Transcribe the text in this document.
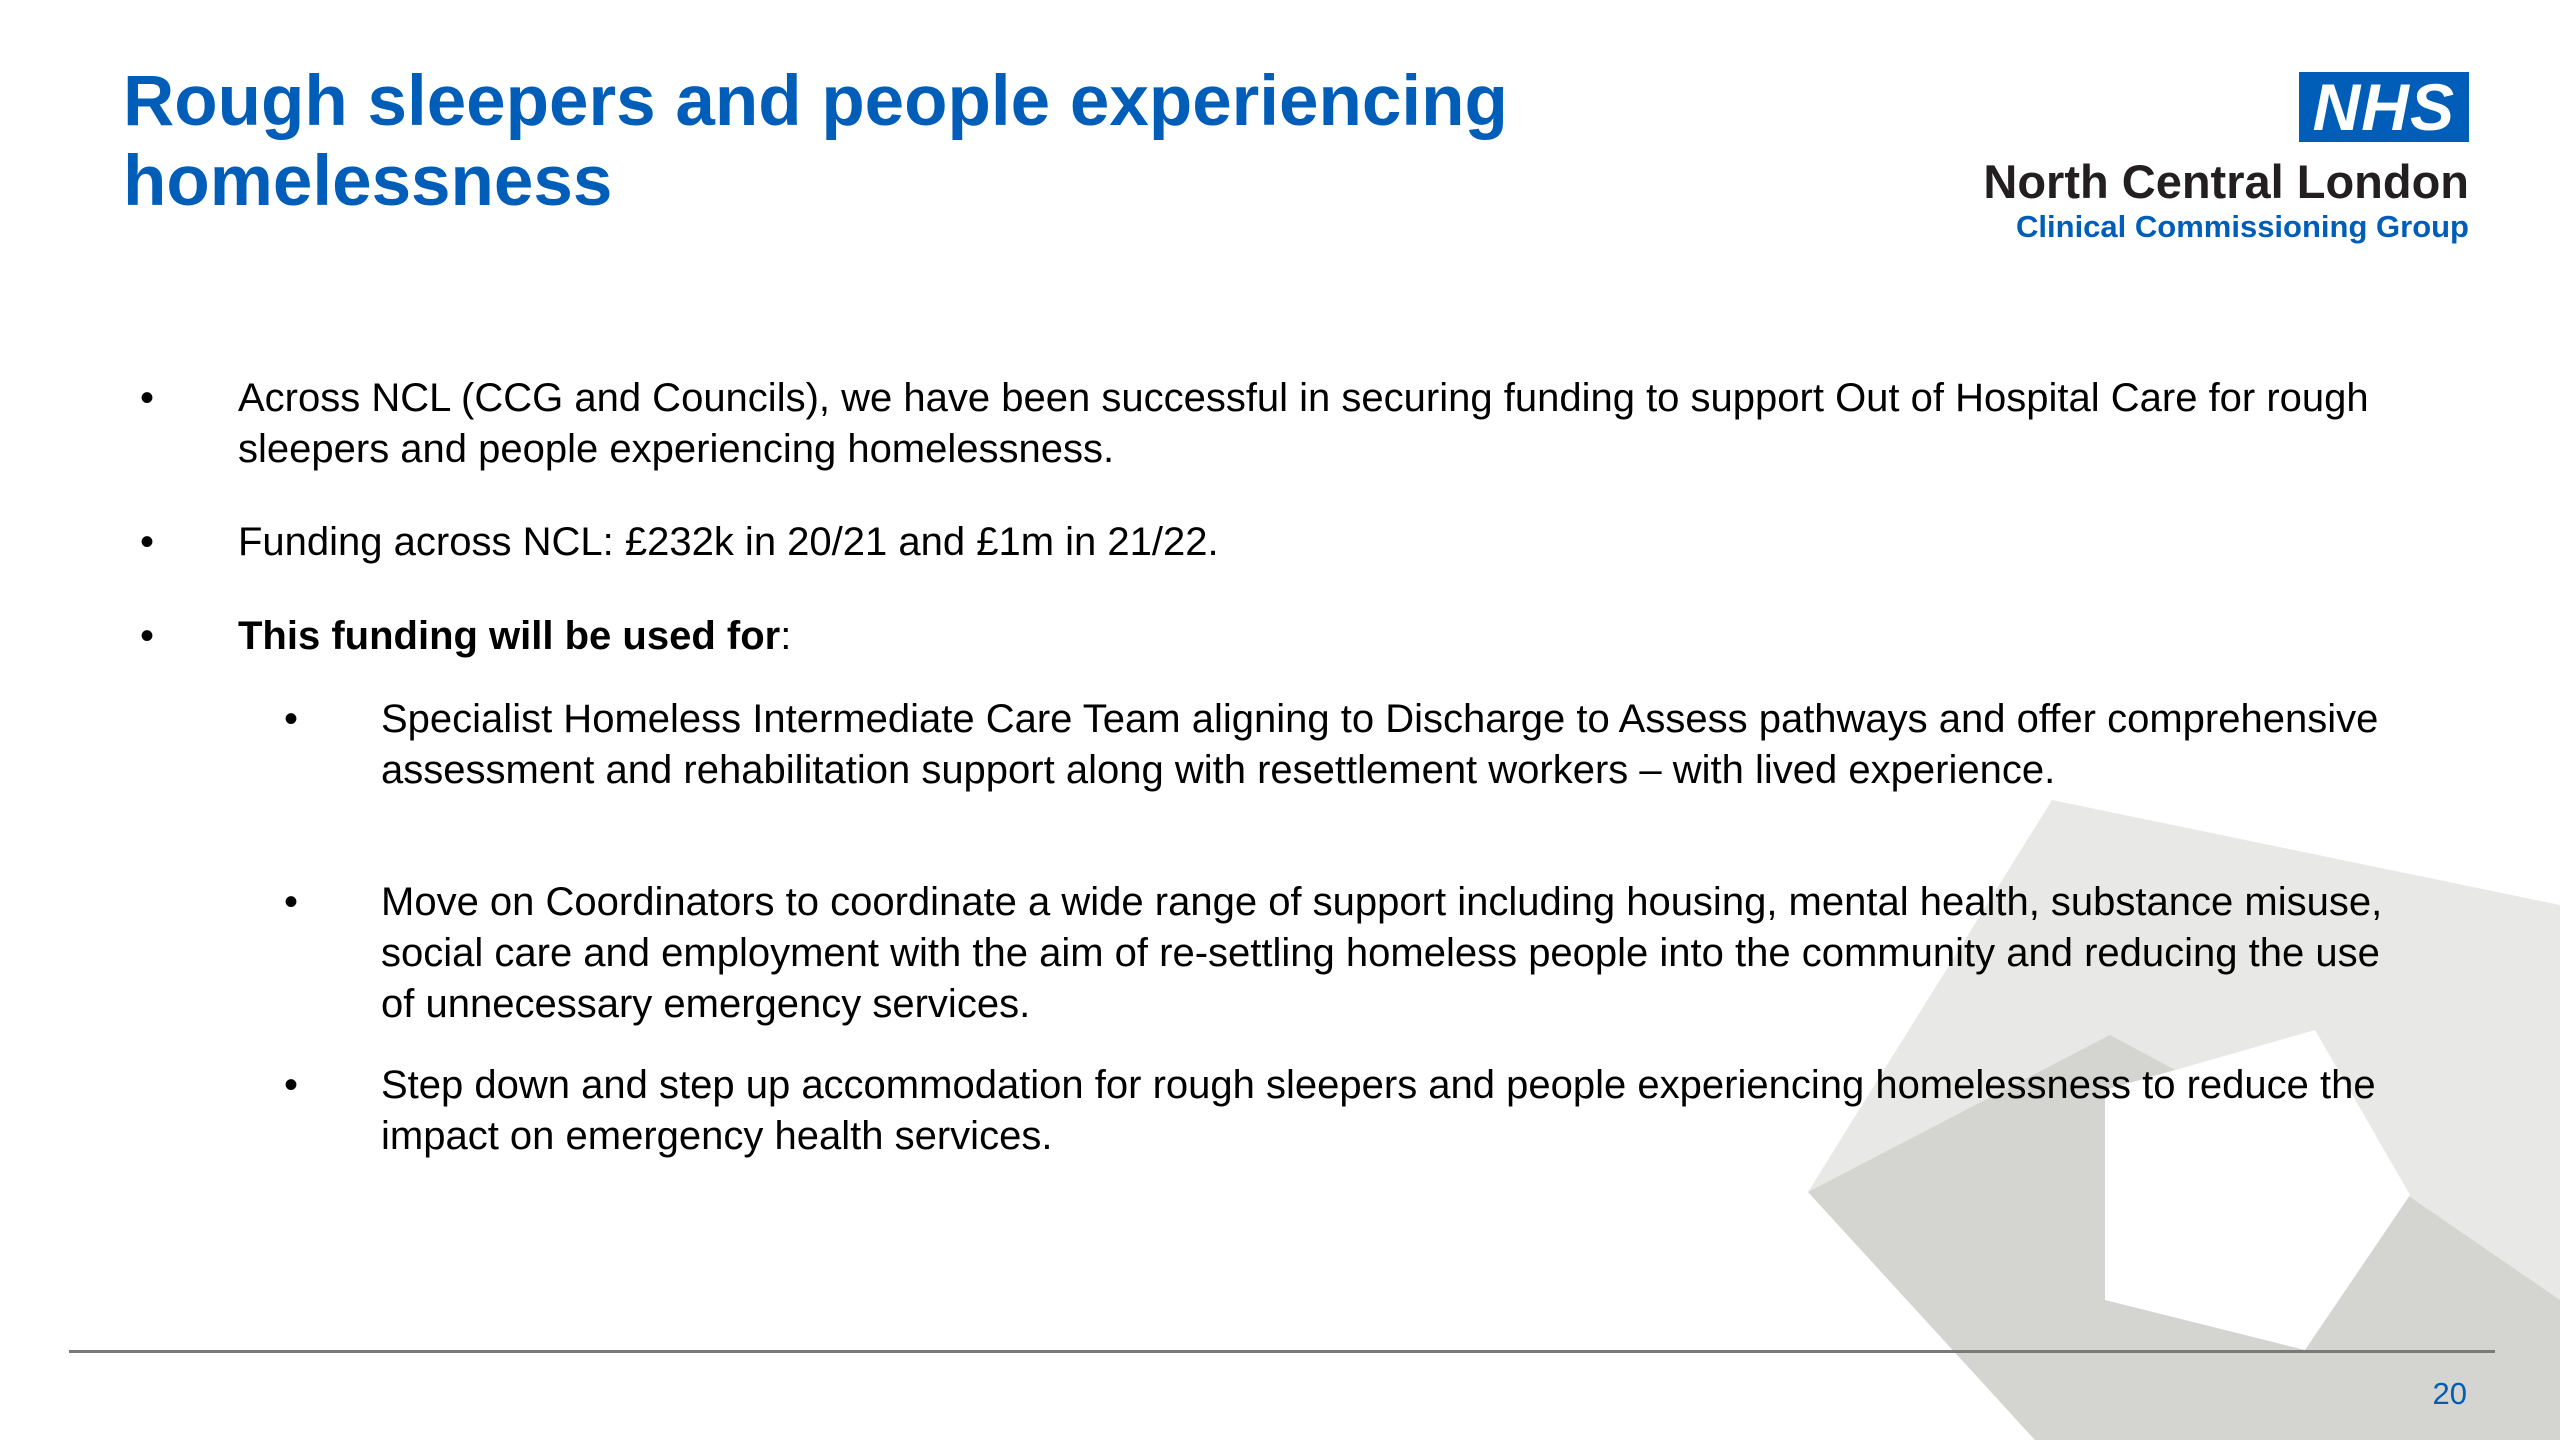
Rough sleepers and people experiencing homelessness
NHS
North Central London
Clinical Commissioning Group
• Across NCL (CCG and Councils), we have been successful in securing funding to support Out of Hospital Care for rough sleepers and people experiencing homelessness.
• Funding across NCL: £232k in 20/21 and £1m in 21/22.
• This funding will be used for:
• Specialist Homeless Intermediate Care Team aligning to Discharge to Assess pathways and offer comprehensive assessment and rehabilitation support along with resettlement workers – with lived experience.
• Move on Coordinators to coordinate a wide range of support including housing, mental health, substance misuse, social care and employment with the aim of re-settling homeless people into the community and reducing the use of unnecessary emergency services.
• Step down and step up accommodation for rough sleepers and people experiencing homelessness to reduce the impact on emergency health services.
20
